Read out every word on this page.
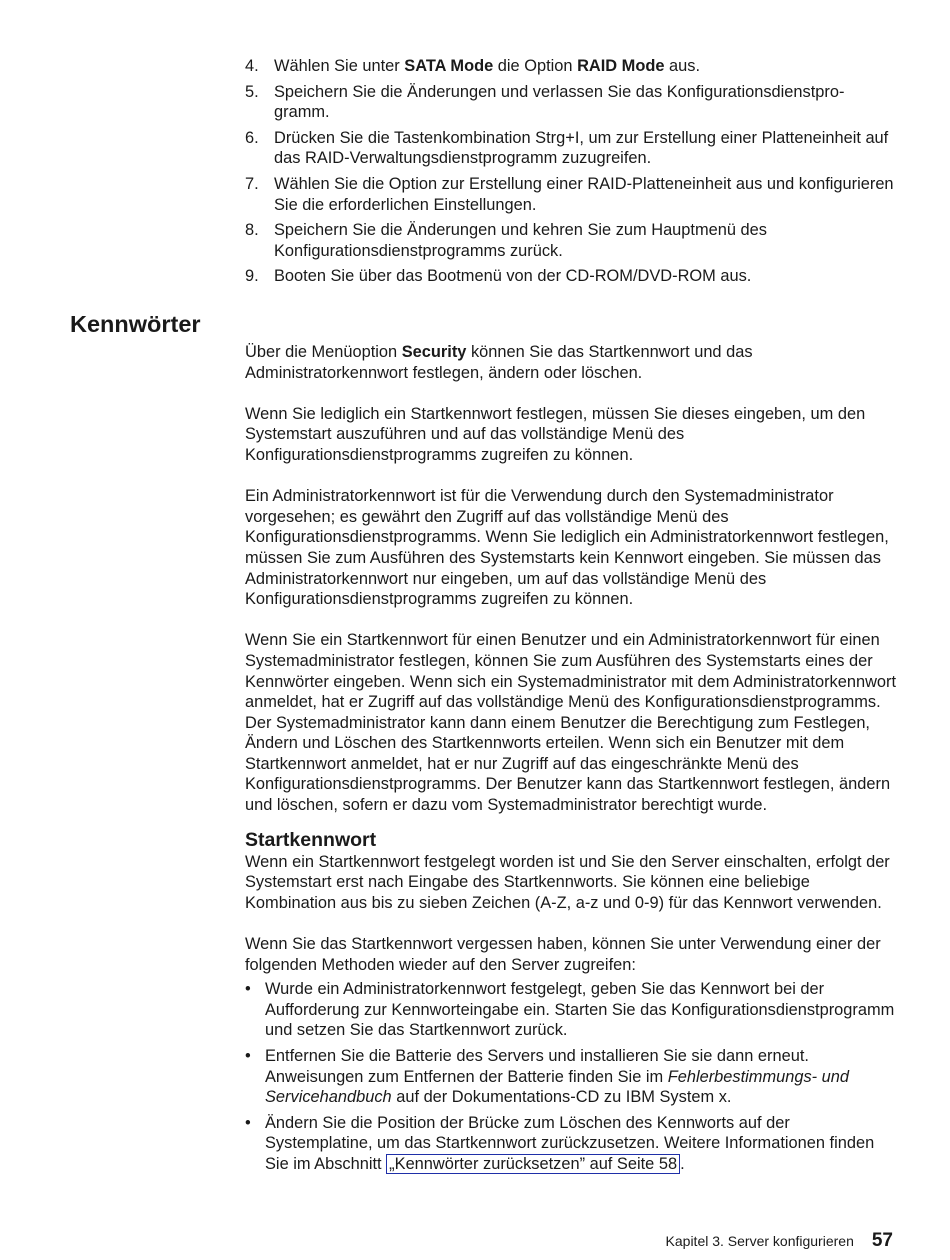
4. Wählen Sie unter SATA Mode die Option RAID Mode aus.
5. Speichern Sie die Änderungen und verlassen Sie das Konfigurationsdienstpro-gramm.
6. Drücken Sie die Tastenkombination Strg+I, um zur Erstellung einer Platteneinheit auf das RAID-Verwaltungsdienstprogramm zuzugreifen.
7. Wählen Sie die Option zur Erstellung einer RAID-Platteneinheit aus und konfigurieren Sie die erforderlichen Einstellungen.
8. Speichern Sie die Änderungen und kehren Sie zum Hauptmenü des Konfigurationsdienstprogramms zurück.
9. Booten Sie über das Bootmenü von der CD-ROM/DVD-ROM aus.
Kennwörter

Über die Menüoption Security können Sie das Startkennwort und das Administratorkennwort festlegen, ändern oder löschen.

Wenn Sie lediglich ein Startkennwort festlegen, müssen Sie dieses eingeben, um den Systemstart auszuführen und auf das vollständige Menü des Konfigurationsdienstprogramms zugreifen zu können.

Ein Administratorkennwort ist für die Verwendung durch den Systemadministrator vorgesehen; es gewährt den Zugriff auf das vollständige Menü des Konfigurationsdienstprogramms. Wenn Sie lediglich ein Administratorkennwort festlegen, müssen Sie zum Ausführen des Systemstarts kein Kennwort eingeben. Sie müssen das Administratorkennwort nur eingeben, um auf das vollständige Menü des Konfigurationsdienstprogramms zugreifen zu können.

Wenn Sie ein Startkennwort für einen Benutzer und ein Administratorkennwort für einen Systemadministrator festlegen, können Sie zum Ausführen des Systemstarts eines der Kennwörter eingeben. Wenn sich ein Systemadministrator mit dem Administratorkennwort anmeldet, hat er Zugriff auf das vollständige Menü des Konfigurationsdienstprogramms. Der Systemadministrator kann dann einem Benutzer die Berechtigung zum Festlegen, Ändern und Löschen des Startkennworts erteilen. Wenn sich ein Benutzer mit dem Startkennwort anmeldet, hat er nur Zugriff auf das eingeschränkte Menü des Konfigurationsdienstprogramms. Der Benutzer kann das Startkennwort festlegen, ändern und löschen, sofern er dazu vom Systemadministrator berechtigt wurde.

Startkennwort

Wenn ein Startkennwort festgelegt worden ist und Sie den Server einschalten, erfolgt der Systemstart erst nach Eingabe des Startkennworts. Sie können eine beliebige Kombination aus bis zu sieben Zeichen (A-Z, a-z und 0-9) für das Kennwort verwenden.

Wenn Sie das Startkennwort vergessen haben, können Sie unter Verwendung einer der folgenden Methoden wieder auf den Server zugreifen:

• Wurde ein Administratorkennwort festgelegt, geben Sie das Kennwort bei der Aufforderung zur Kennworteingabe ein. Starten Sie das Konfigurationsdienstprogramm und setzen Sie das Startkennwort zurück.
• Entfernen Sie die Batterie des Servers und installieren Sie sie dann erneut. Anweisungen zum Entfernen der Batterie finden Sie im Fehlerbestimmungs- und Servicehandbuch auf der Dokumentations-CD zu IBM System x.
• Ändern Sie die Position der Brücke zum Löschen des Kennworts auf der Systemplatine, um das Startkennwort zurückzusetzen. Weitere Informationen finden Sie im Abschnitt „Kennwörter zurücksetzen” auf Seite 58 .
Kapitel 3. Server konfigurieren 57
